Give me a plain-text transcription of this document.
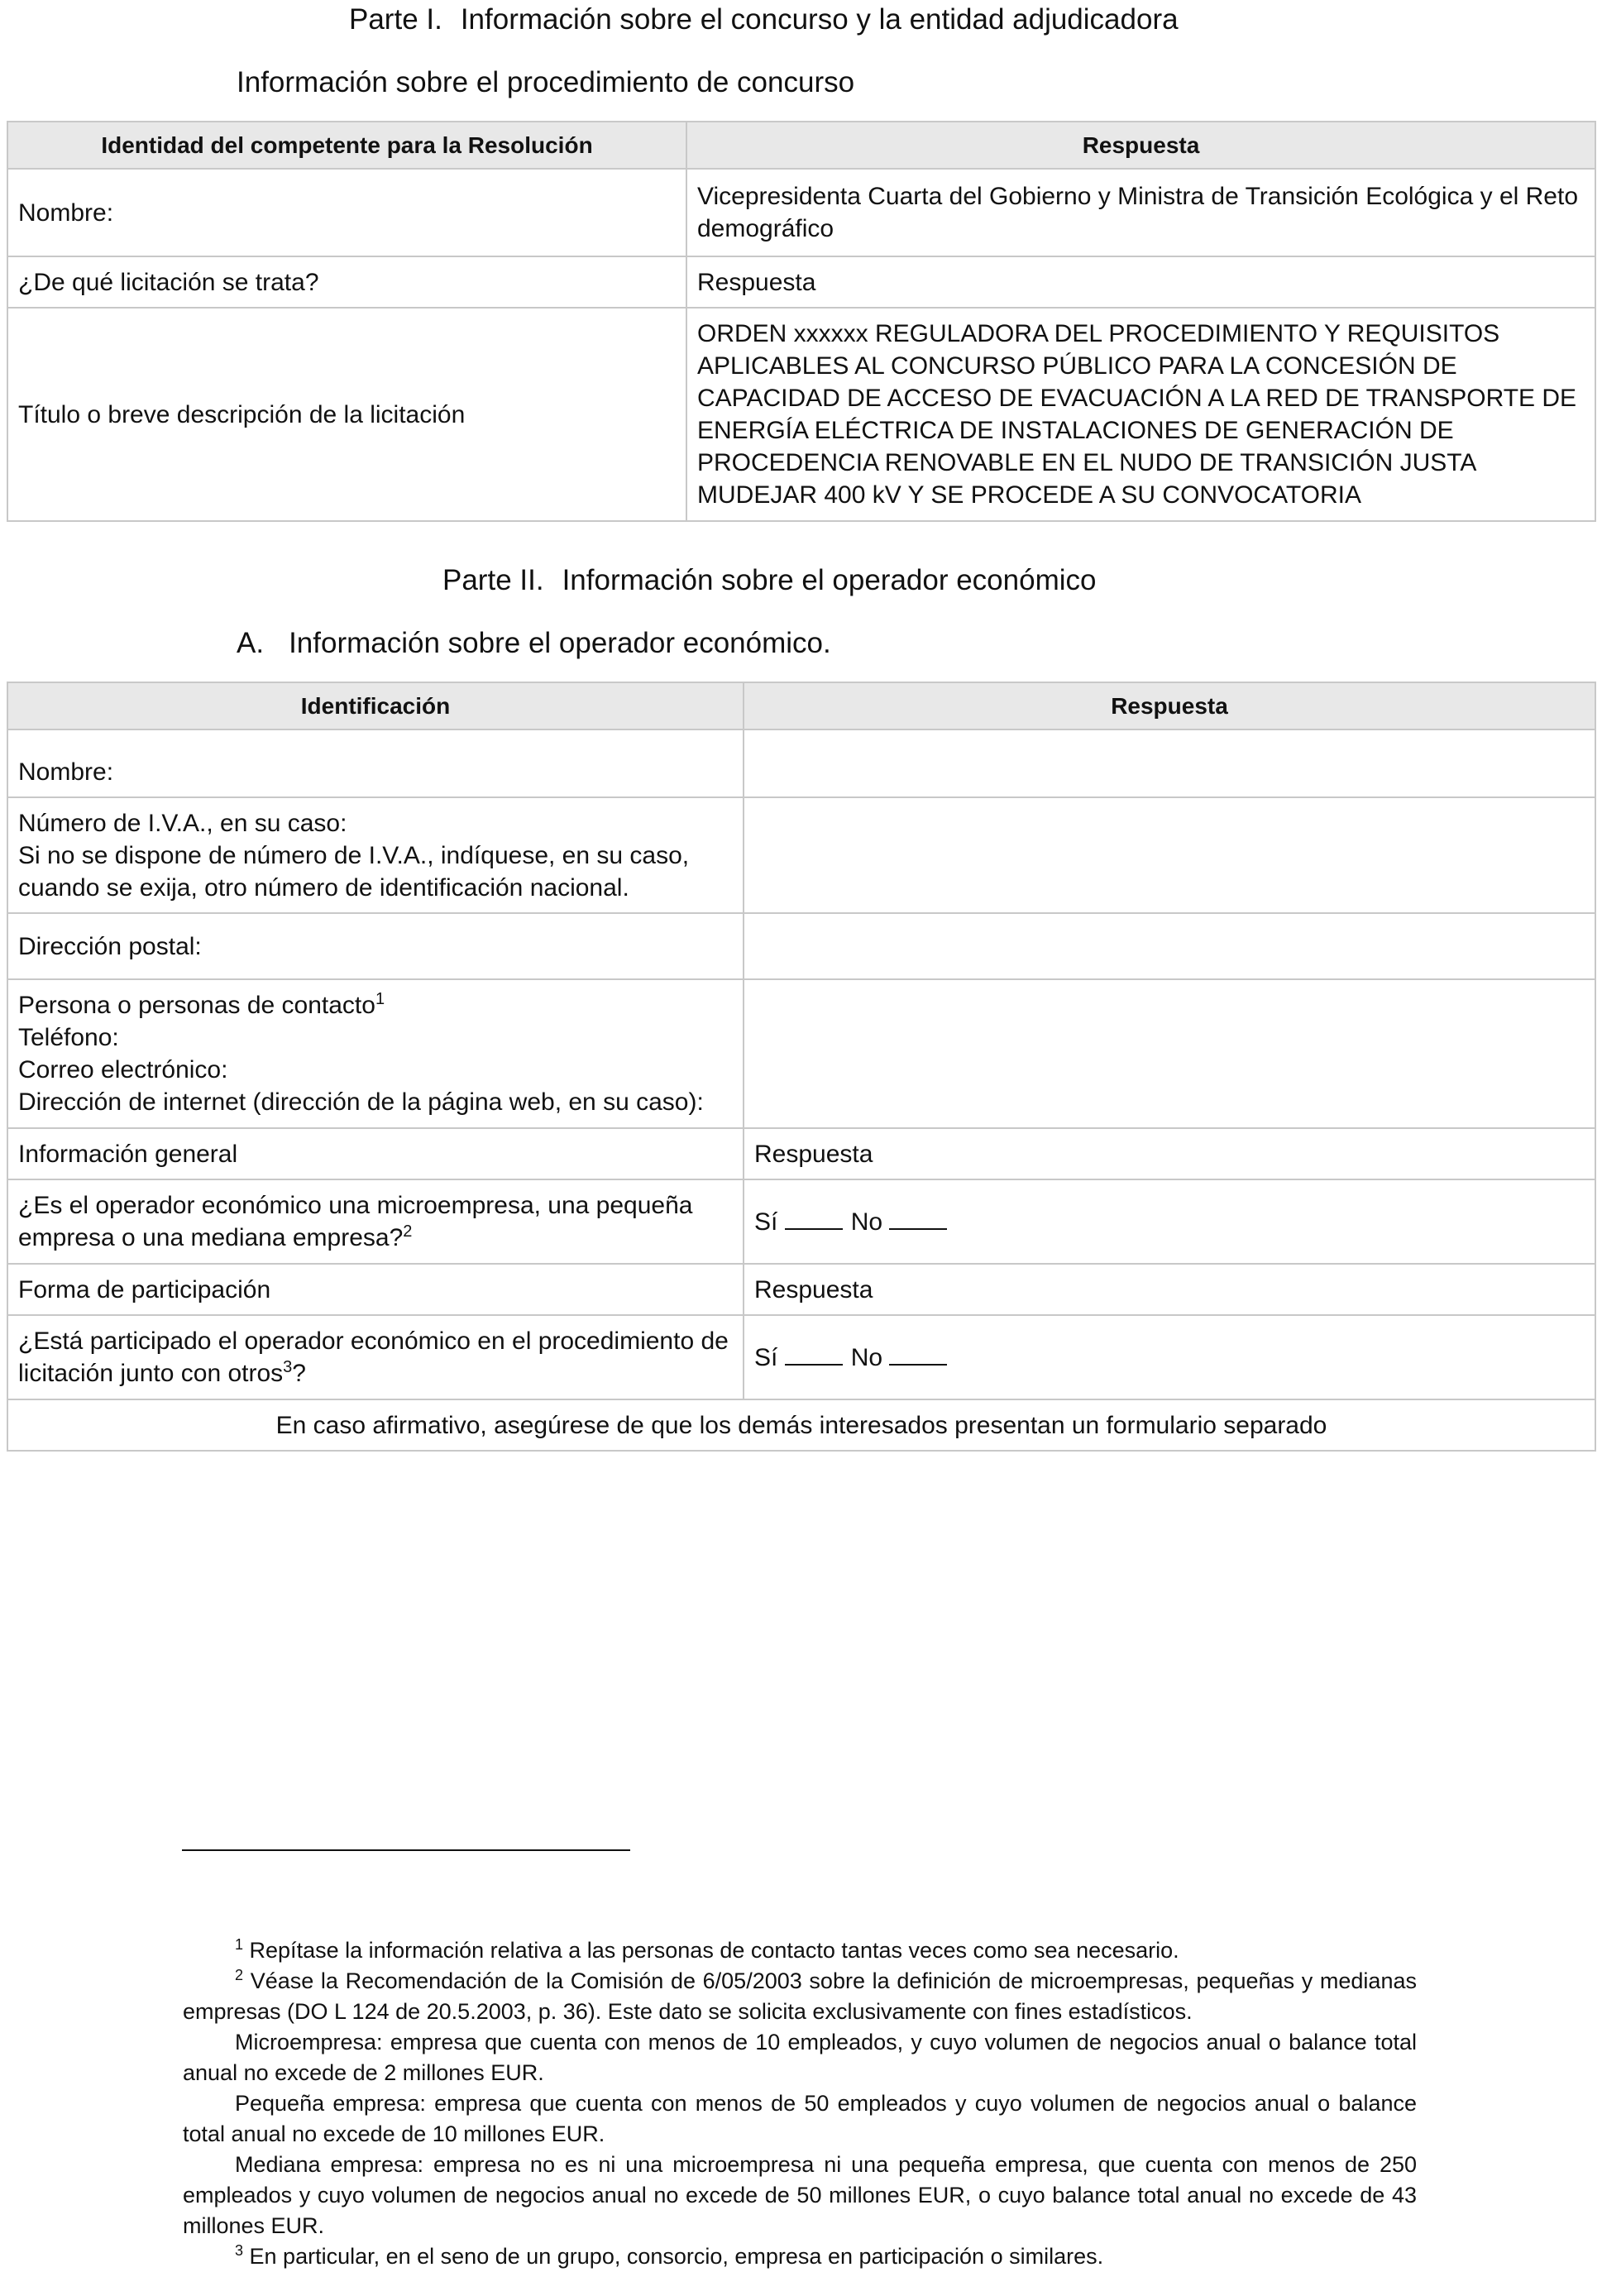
Parte I. Información sobre el concurso y la entidad adjudicadora
Información sobre el procedimiento de concurso
Identidad del competente para la Resolución	Respuesta
Nombre:	Vicepresidenta Cuarta del Gobierno y Ministra de Transición Ecológica y el Reto demográfico
¿De qué licitación se trata?	Respuesta
Título o breve descripción de la licitación	ORDEN xxxxxx REGULADORA DEL PROCEDIMIENTO Y REQUISITOS APLICABLES AL CONCURSO PÚBLICO PARA LA CONCESIÓN DE CAPACIDAD DE ACCESO DE EVACUACIÓN A LA RED DE TRANSPORTE DE ENERGÍA ELÉCTRICA DE INSTALACIONES DE GENERACIÓN DE PROCEDENCIA RENOVABLE EN EL NUDO DE TRANSICIÓN JUSTA MUDEJAR 400 kV Y SE PROCEDE A SU CONVOCATORIA
Parte II. Información sobre el operador económico
A. Información sobre el operador económico.
Identificación	Respuesta
Nombre:	

Número de I.V.A., en su caso:
Si no se dispone de número de I.V.A., indíquese, en su caso, cuando se exija, otro número de identificación nacional.	

Dirección postal:	

Persona o personas de contacto$^1$
Teléfono:
Correo electrónico:
Dirección de internet (dirección de la página web, en su caso):	

Información general	Respuesta
¿Es el operador económico una microempresa, una pequeña empresa o una mediana empresa?$^2$	Sí No
Forma de participación	Respuesta
¿Está participado el operador económico en el procedimiento de licitación junto con otros$^3$?	Sí No
En caso afirmativo, asegúrese de que los demás interesados presentan un formulario separado	

$^1$ Repítase la información relativa a las personas de contacto tantas veces como sea necesario.

$^2$ Véase la Recomendación de la Comisión de 6/05/2003 sobre la definición de microempresas, pequeñas y medianas empresas (DO L 124 de 20.5.2003, p. 36). Este dato se solicita exclusivamente con fines estadísticos.

Microempresa: empresa que cuenta con menos de 10 empleados, y cuyo volumen de negocios anual o balance total anual no excede de 2 millones EUR.

Pequeña empresa: empresa que cuenta con menos de 50 empleados y cuyo volumen de negocios anual o balance total anual no excede de 10 millones EUR.

Mediana empresa: empresa no es ni una microempresa ni una pequeña empresa, que cuenta con menos de 250 empleados y cuyo volumen de negocios anual no excede de 50 millones EUR, o cuyo balance total anual no excede de 43 millones EUR.

$^3$ En particular, en el seno de un grupo, consorcio, empresa en participación o similares.
